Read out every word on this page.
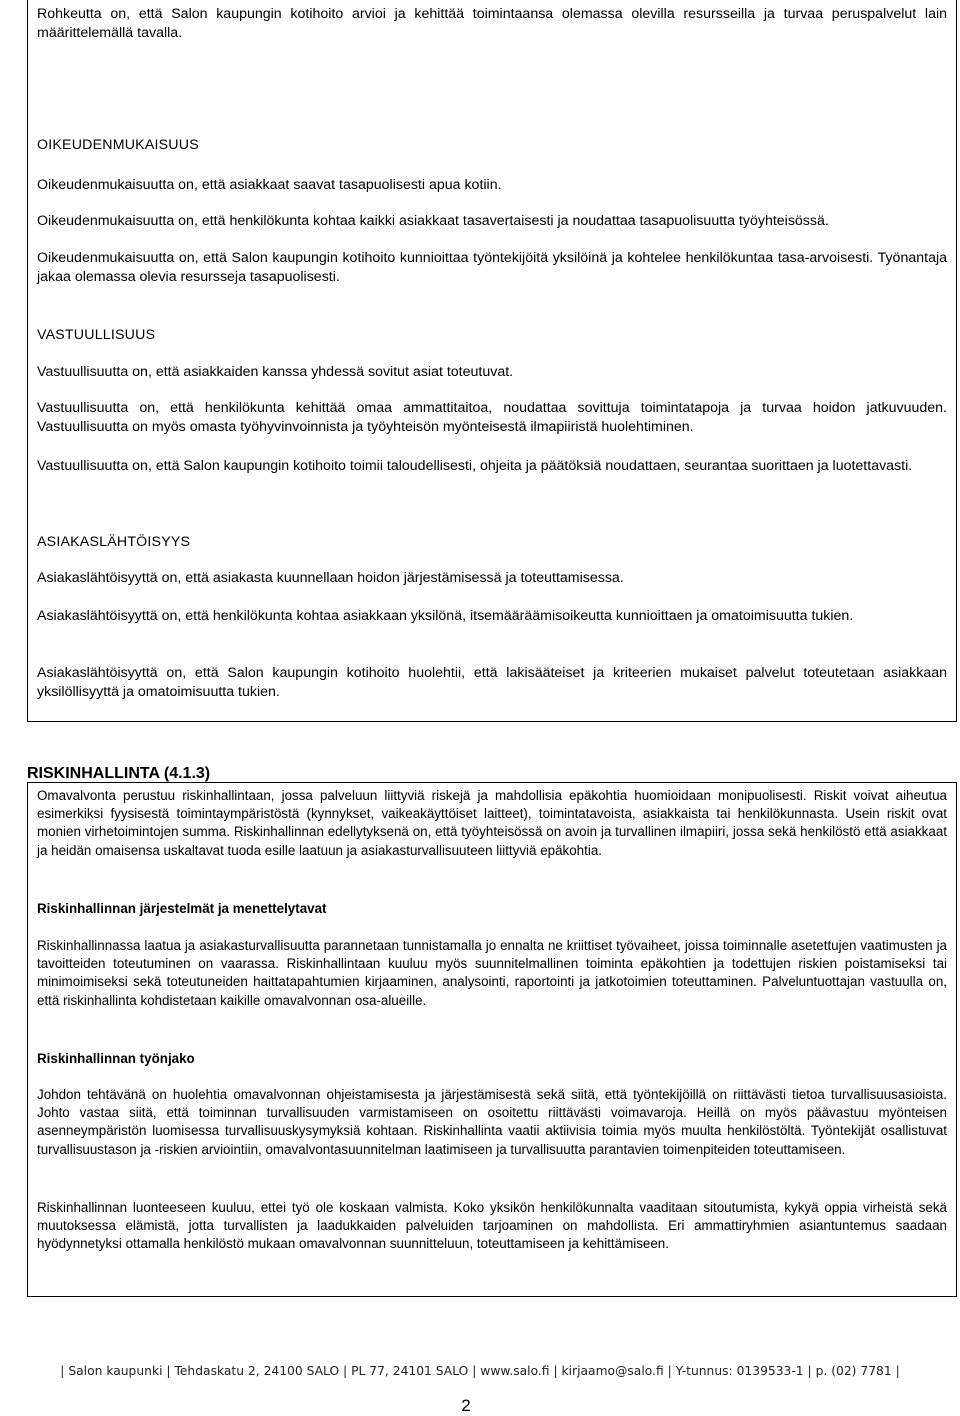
Rohkeutta on, että Salon kaupungin kotihoito arvioi ja kehittää toimintaansa olemassa olevilla resursseilla ja turvaa peruspalvelut lain määrittelemällä tavalla.

OIKEUDENMUKAISUUS

Oikeudenmukaisuutta on, että asiakkaat saavat tasapuolisesti apua kotiin.

Oikeudenmukaisuutta on, että henkilökunta kohtaa kaikki asiakkaat tasavertaisesti ja noudattaa tasapuolisuutta työyhteisössä.

Oikeudenmukaisuutta on, että Salon kaupungin kotihoito kunnioittaa työntekijöitä yksilöinä ja kohtelee henkilökuntaa tasa-arvoisesti. Työnantaja jakaa olemassa olevia resursseja tasapuolisesti.

VASTUULLISUUS

Vastuullisuutta on, että asiakkaiden kanssa yhdessä sovitut asiat toteutuvat.

Vastuullisuutta on, että henkilökunta kehittää omaa ammattitaitoa, noudattaa sovittuja toimintatapoja ja turvaa hoidon jatkuvuuden. Vastuullisuutta on myös omasta työhyvinvoinnista ja työyhteisön myönteisestä ilmapiiristä huolehtiminen.

Vastuullisuutta on, että Salon kaupungin kotihoito toimii taloudellisesti, ohjeita ja päätöksiä noudattaen, seurantaa suorittaen ja luotettavasti.

ASIAKASLÄHTÖISYYS

Asiakaslähtöisyyttä on, että asiakasta kuunnellaan hoidon järjestämisessä ja toteuttamisessa.

Asiakaslähtöisyyttä on, että henkilökunta kohtaa asiakkaan yksilönä, itsemääräämisoikeutta kunnioittaen ja omatoimisuutta tukien.

Asiakaslähtöisyyttä on, että Salon kaupungin kotihoito huolehtii, että lakisääteiset ja kriteerien mukaiset palvelut toteutetaan asiakkaan yksilöllisyyttä ja omatoimisuutta tukien.

RISKINHALLINTA (4.1.3)

Omavalvonta perustuu riskinhallintaan, jossa palveluun liittyviä riskejä ja mahdollisia epäkohtia huomioidaan monipuolisesti. Riskit voivat aiheutua esimerkiksi fyysisestä toimintaympäristöstä (kynnykset, vaikeakäyttöiset laitteet), toimintatavoista, asiakkaista tai henkilökunnasta. Usein riskit ovat monien virhetoimintojen summa. Riskinhallinnan edellytyksenä on, että työyhteisössä on avoin ja turvallinen ilmapiiri, jossa sekä henkilöstö että asiakkaat ja heidän omaisensa uskaltavat tuoda esille laatuun ja asiakasturvallisuuteen liittyviä epäkohtia.

Riskinhallinnan järjestelmät ja menettelytavat

Riskinhallinnassa laatua ja asiakasturvallisuutta parannetaan tunnistamalla jo ennalta ne kriittiset työvaiheet, joissa toiminnalle asetettujen vaatimusten ja tavoitteiden toteutuminen on vaarassa. Riskinhallintaan kuuluu myös suunnitelmallinen toiminta epäkohtien ja todettujen riskien poistamiseksi tai minimoimiseksi sekä toteutuneiden haittatapahtumien kirjaaminen, analysointi, raportointi ja jatkotoimien toteuttaminen. Palveluntuottajan vastuulla on, että riskinhallinta kohdistetaan kaikille omavalvonnan osa-alueille.

Riskinhallinnan työnjako

Johdon tehtävänä on huolehtia omavalvonnan ohjeistamisesta ja järjestämisestä sekä siitä, että työntekijöillä on riittävästi tietoa turvallisuusasioista. Johto vastaa siitä, että toiminnan turvallisuuden varmistamiseen on osoitettu riittävästi voimavaroja. Heillä on myös päävastuu myönteisen asenneympäristön luomisessa turvallisuuskysymyksiä kohtaan. Riskinhallinta vaatii aktiivisia toimia myös muulta henkilöstöltä. Työntekijät osallistuvat turvallisuustason ja -riskien arviointiin, omavalvontasuunnitelman laatimiseen ja turvallisuutta parantavien toimenpiteiden toteuttamiseen.

Riskinhallinnan luonteeseen kuuluu, ettei työ ole koskaan valmista. Koko yksikön henkilökunnalta vaaditaan sitoutumista, kykyä oppia virheistä sekä muutoksessa elämistä, jotta turvallisten ja laadukkaiden palveluiden tarjoaminen on mahdollista. Eri ammattiryhmien asiantuntemus saadaan hyödynnetyksi ottamalla henkilöstö mukaan omavalvonnan suunnitteluun, toteuttamiseen ja kehittämiseen.

| Salon kaupunki | Tehdaskatu 2, 24100 SALO | PL 77, 24101 SALO | www.salo.fi | kirjaamo@salo.fi | Y-tunnus: 0139533-1 | p. (02) 7781 |

2
